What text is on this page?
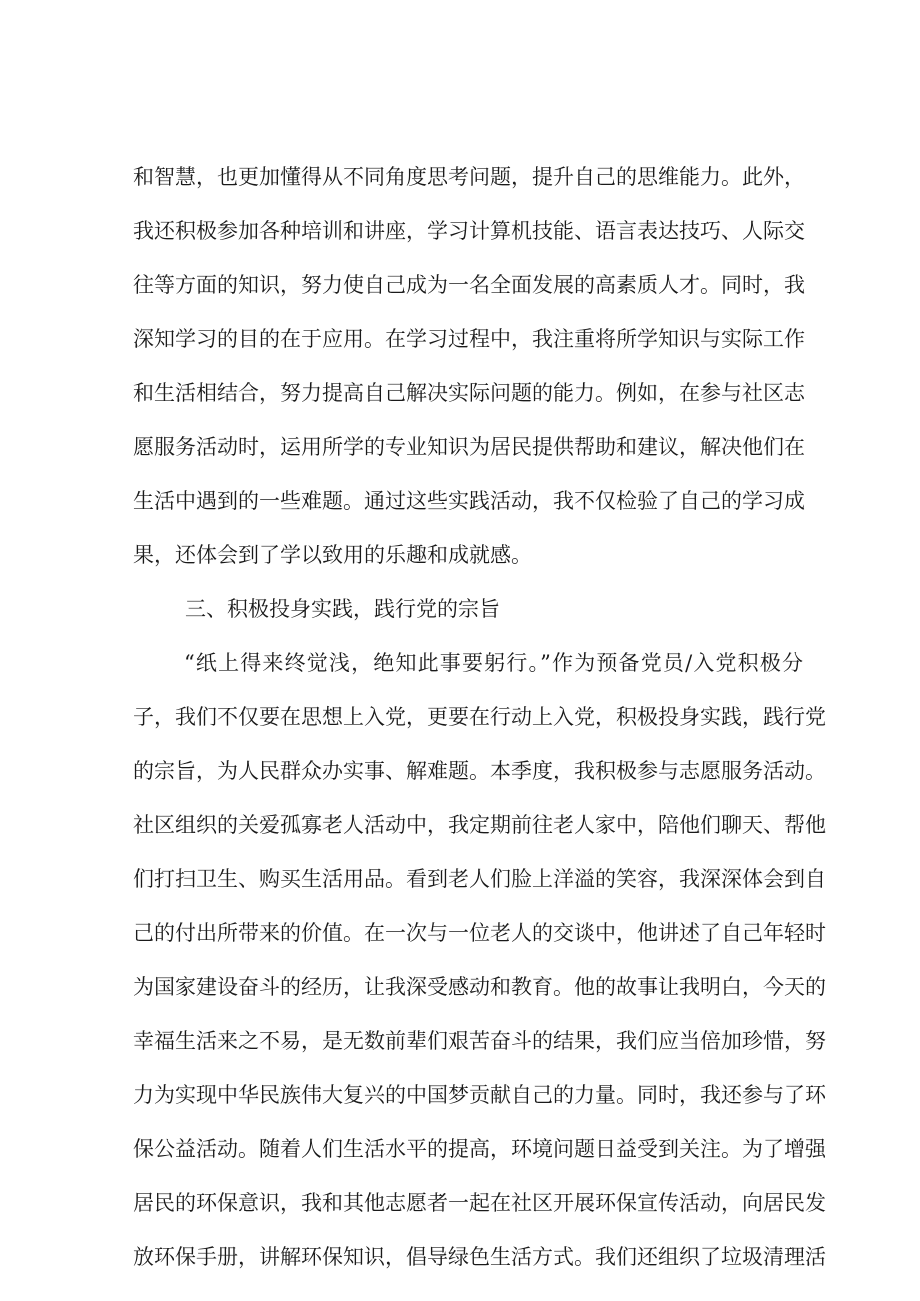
和智慧，也更加懂得从不同角度思考问题，提升自己的思维能力。此外，
我还积极参加各种培训和讲座，学习计算机技能、语言表达技巧、人际交
往等方面的知识，努力使自己成为一名全面发展的高素质人才。同时，我
深知学习的目的在于应用。在学习过程中，我注重将所学知识与实际工作
和生活相结合，努力提高自己解决实际问题的能力。例如，在参与社区志
愿服务活动时，运用所学的专业知识为居民提供帮助和建议，解决他们在
生活中遇到的一些难题。通过这些实践活动，我不仅检验了自己的学习成
果，还体会到了学以致用的乐趣和成就感。
三、积极投身实践，践行党的宗旨
“纸上得来终觉浅，绝知此事要躬行。”作为预备党员/入党积极分
子，我们不仅要在思想上入党，更要在行动上入党，积极投身实践，践行党
的宗旨，为人民群众办实事、解难题。本季度，我积极参与志愿服务活动。
社区组织的关爱孤寡老人活动中，我定期前往老人家中，陪他们聊天、帮他
们打扫卫生、购买生活用品。看到老人们脸上洋溢的笑容，我深深体会到自
己的付出所带来的价值。在一次与一位老人的交谈中，他讲述了自己年轻时
为国家建设奋斗的经历，让我深受感动和教育。他的故事让我明白，今天的
幸福生活来之不易，是无数前辈们艰苦奋斗的结果，我们应当倍加珍惜，努
力为实现中华民族伟大复兴的中国梦贡献自己的力量。同时，我还参与了环
保公益活动。随着人们生活水平的提高，环境问题日益受到关注。为了增强
居民的环保意识，我和其他志愿者一起在社区开展环保宣传活动，向居民发
放环保手册，讲解环保知识，倡导绿色生活方式。我们还组织了垃圾清理活
